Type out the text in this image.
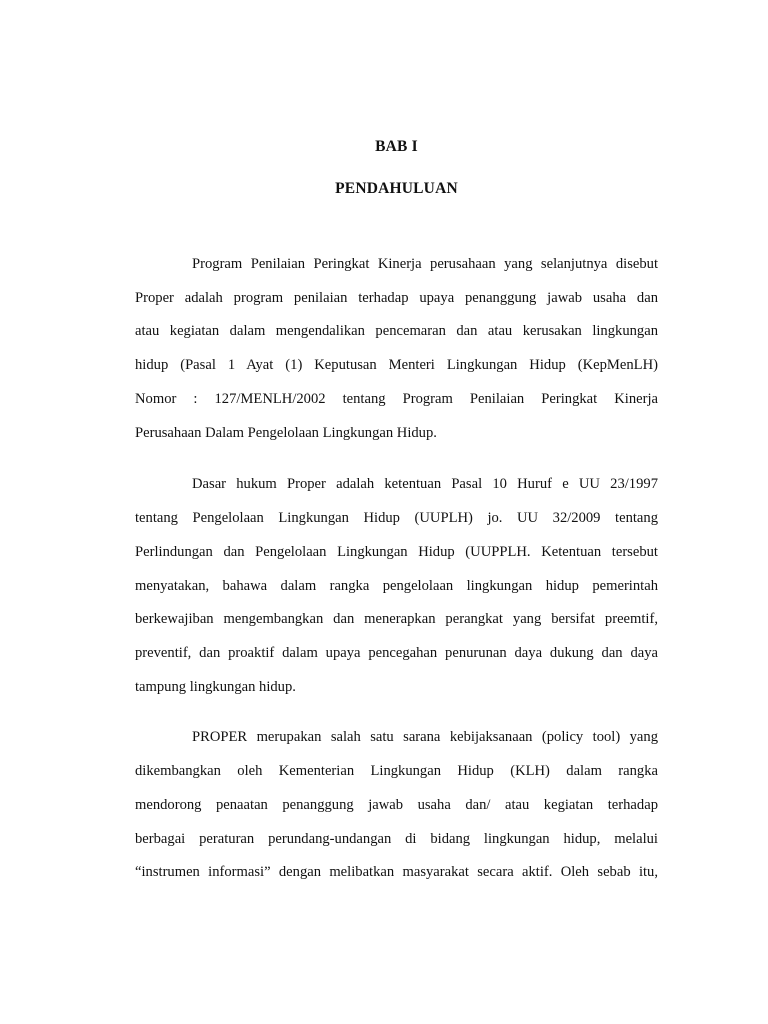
BAB I
PENDAHULUAN

Program Penilaian Peringkat Kinerja perusahaan yang selanjutnya disebut

Proper adalah program penilaian terhadap upaya penanggung jawab usaha dan

atau kegiatan dalam mengendalikan pencemaran dan atau kerusakan lingkungan

hidup (Pasal 1 Ayat (1) Keputusan Menteri Lingkungan Hidup (KepMenLH)

Nomor : 127/MENLH/2002 tentang Program Penilaian Peringkat Kinerja

Perusahaan Dalam Pengelolaan Lingkungan Hidup.

Dasar hukum Proper adalah ketentuan Pasal 10 Huruf e UU 23/1997

tentang Pengelolaan Lingkungan Hidup (UUPLH) jo. UU 32/2009 tentang

Perlindungan dan Pengelolaan Lingkungan Hidup (UUPPLH. Ketentuan tersebut

menyatakan, bahawa dalam rangka pengelolaan lingkungan hidup pemerintah

berkewajiban mengembangkan dan menerapkan perangkat yang bersifat preemtif,

preventif, dan proaktif dalam upaya pencegahan penurunan daya dukung dan daya

tampung lingkungan hidup.

PROPER merupakan salah satu sarana kebijaksanaan (policy tool) yang

dikembangkan oleh Kementerian Lingkungan Hidup (KLH) dalam rangka

mendorong penaatan penanggung jawab usaha dan/ atau kegiatan terhadap

berbagai peraturan perundang-undangan di bidang lingkungan hidup, melalui

“instrumen informasi” dengan melibatkan masyarakat secara aktif. Oleh sebab itu,
